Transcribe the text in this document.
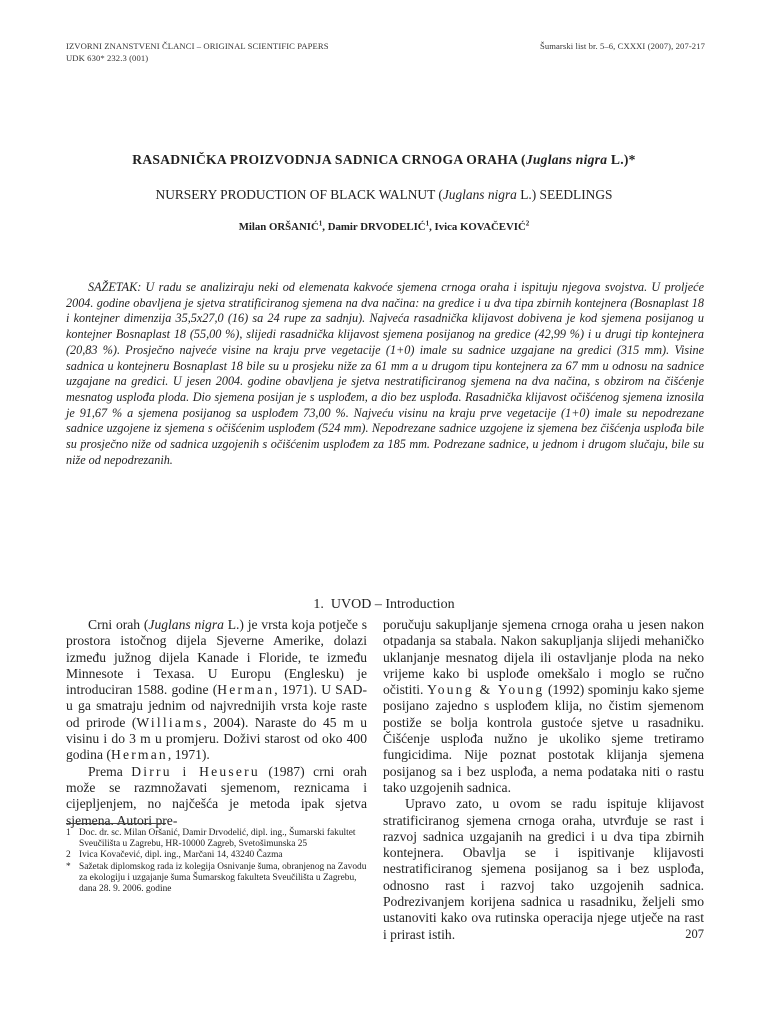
IZVORNI ZNANSTVENI ČLANCI – ORIGINAL SCIENTIFIC PAPERS
UDK 630* 232.3 (001)
Šumarski list br. 5–6, CXXXI (2007), 207-217
RASADNIČKA PROIZVODNJA SADNICA CRNOGA ORAHA (Juglans nigra L.)*
NURSERY PRODUCTION OF BLACK WALNUT (Juglans nigra L.) SEEDLINGS
Milan ORŠANIĆ$^1$, Damir DRVODELIĆ$^1$, Ivica KOVAČEVIĆ$^2$
SAŽETAK: U radu se analiziraju neki od elemenata kakvoće sjemena crnoga oraha i ispituju njegova svojstva. U proljeće 2004. godine obavljena je sjetva stratificiranog sjemena na dva načina: na gredice i u dva tipa zbirnih kontejnera (Bosnaplast 18 i kontejner dimenzija 35,5x27,0 (16) sa 24 rupe za sadnju). Najveća rasadnička klijavost dobivena je kod sjemena posijanog u kontejner Bosnaplast 18 (55,00 %), slijedi rasadnička klijavost sjemena posijanog na gredice (42,99 %) i u drugi tip kontejnera (20,83 %). Prosječno najveće visine na kraju prve vegetacije (1+0) imale su sadnice uzgajane na gredici (315 mm). Visine sadnica u kontejneru Bosnaplast 18 bile su u prosjeku niže za 61 mm a u drugom tipu kontejnera za 67 mm u odnosu na sadnice uzgajane na gredici. U jesen 2004. godine obavljena je sjetva nestratificiranog sjemena na dva načina, s obzirom na čišćenje mesnatog usplođa ploda. Dio sjemena posijan je s usplođem, a dio bez usplođa. Rasadnička klijavost očišćenog sjemena iznosila je 91,67 % a sjemena posijanog sa usplođem 73,00 %. Najveću visinu na kraju prve vegetacije (1+0) imale su nepodrezane sadnice uzgojene iz sjemena s očišćenim usplođem (524 mm). Nepodrezane sadnice uzgojene iz sjemena bez čišćenja usplođa bile su prosječno niže od sadnica uzgojenih s očišćenim usplođem za 185 mm. Podrezane sadnice, u jednom i drugom slučaju, bile su niže od nepodrezanih.
1. UVOD – Introduction

Crni orah (Juglans nigra L.) je vrsta koja potječe s prostora istočnog dijela Sjeverne Amerike, dolazi između južnog dijela Kanade i Floride, te između Minnesote i Texasa. U Europu (Englesku) je introduciran 1588. godine (Herman, 1971). U SAD-u ga smatraju jednim od najvrednijih vrsta koje raste od prirode (Williams, 2004). Naraste do 45 m u visinu i do 3 m u promjeru. Doživi starost od oko 400 godina (Herman, 1971).

Prema Dirru i Heuseru (1987) crni orah može se razmnožavati sjemenom, reznicama i cijepljenjem, no najčešća je metoda ipak sjetva sjemena. Autori pre-

poručuju sakupljanje sjemena crnoga oraha u jesen nakon otpadanja sa stabala. Nakon sakupljanja slijedi mehaničko uklanjanje mesnatog dijela ili ostavljanje ploda na neko vrijeme kako bi usplođe omekšalo i moglo se ručno očistiti. Young & Young (1992) spominju kako sjeme posijano zajedno s usplođem klija, no čistim sjemenom postiže se bolja kontrola gustoće sjetve u rasadniku. Čišćenje usplođa nužno je ukoliko sjeme tretiramo fungicidima. Nije poznat postotak klijanja sjemena posijanog sa i bez usplođa, a nema podataka niti o rastu tako uzgojenih sadnica.

Upravo zato, u ovom se radu ispituje klijavost stratificiranog sjemena crnoga oraha, utvrđuje se rast i razvoj sadnica uzgajanih na gredici i u dva tipa zbirnih kontejnera. Obavlja se i ispitivanje klijavosti nestratificiranog sjemena posijanog sa i bez usplođa, odnosno rast i razvoj tako uzgojenih sadnica. Podrezivanjem korijena sadnica u rasadniku, željeli smo ustanoviti kako ova rutinska operacija njege utječe na rast i prirast istih.

1 Doc. dr. sc. Milan Oršanić, Damir Drvodelić, dipl. ing., Šumarski fakultet Sveučilišta u Zagrebu, HR-10000 Zagreb, Svetošimunska 25
2 Ivica Kovačević, dipl. ing., Marčani 14, 43240 Čazma
* Sažetak diplomskog rada iz kolegija Osnivanje šuma, obranjenog na Zavodu za ekologiju i uzgajanje šuma Šumarskog fakulteta Sveučilišta u Zagrebu, dana 28. 9. 2006. godine
207
